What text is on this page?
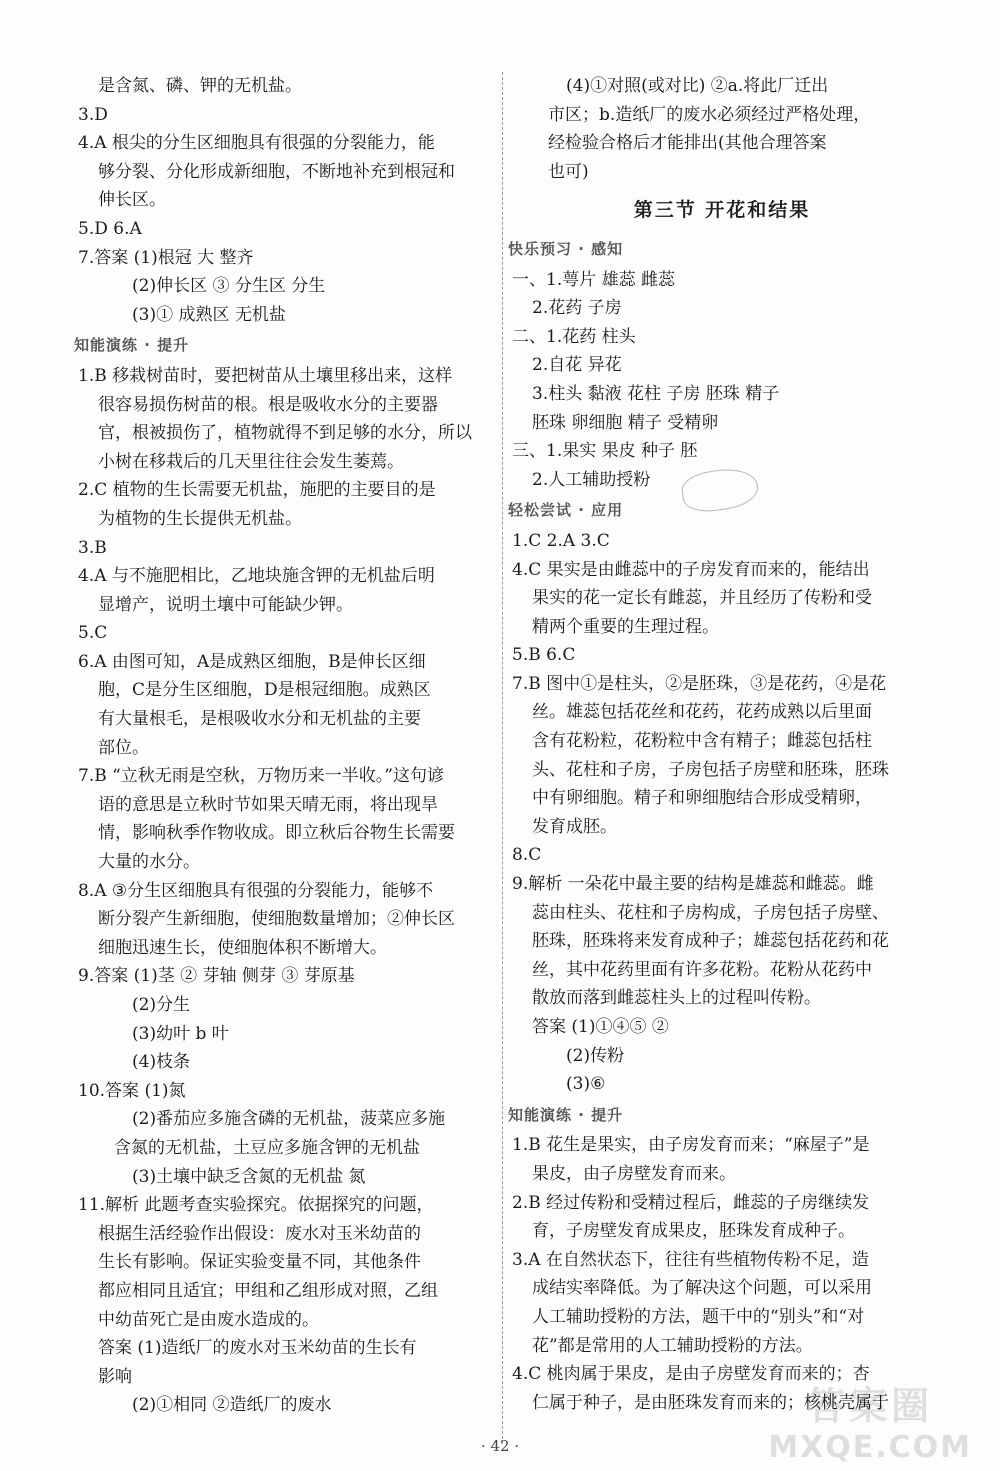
是含氮、磷、钾的无机盐。

3.D

4.A 根尖的分生区细胞具有很强的分裂能力，能

够分裂、分化形成新细胞，不断地补充到根冠和

伸长区。

5.D 6.A

7.答案 (1)根冠 大 整齐

(2)伸长区 ③ 分生区 分生

(3)① 成熟区 无机盐

知能演练 · 提升

1.B 移栽树苗时，要把树苗从土壤里移出来，这样

很容易损伤树苗的根。根是吸收水分的主要器

官，根被损伤了，植物就得不到足够的水分，所以

小树在移栽后的几天里往往会发生萎蔫。

2.C 植物的生长需要无机盐，施肥的主要目的是

为植物的生长提供无机盐。

3.B

4.A 与不施肥相比，乙地块施含钾的无机盐后明

显增产，说明土壤中可能缺少钾。

5.C

6.A 由图可知，A是成熟区细胞，B是伸长区细

胞，C是分生区细胞，D是根冠细胞。成熟区

有大量根毛，是根吸收水分和无机盐的主要

部位。

7.B “立秋无雨是空秋，万物历来一半收。”这句谚

语的意思是立秋时节如果天晴无雨，将出现旱

情，影响秋季作物收成。即立秋后谷物生长需要

大量的水分。

8.A ③分生区细胞具有很强的分裂能力，能够不

断分裂产生新细胞，使细胞数量增加；②伸长区

细胞迅速生长，使细胞体积不断增大。

9.答案 (1)茎 ② 芽轴 侧芽 ③ 芽原基

(2)分生

(3)幼叶 b 叶

(4)枝条

10.答案 (1)氮

(2)番茄应多施含磷的无机盐，菠菜应多施

含氮的无机盐，土豆应多施含钾的无机盐

(3)土壤中缺乏含氮的无机盐 氮

11.解析 此题考查实验探究。依据探究的问题，

根据生活经验作出假设：废水对玉米幼苗的

生长有影响。保证实验变量不同，其他条件

都应相同且适宜；甲组和乙组形成对照，乙组

中幼苗死亡是由废水造成的。

答案 (1)造纸厂的废水对玉米幼苗的生长有

影响

(2)①相同 ②造纸厂的废水

(4)①对照(或对比) ②a.将此厂迁出

市区；b.造纸厂的废水必须经过严格处理，

经检验合格后才能排出(其他合理答案

也可)

第三节 开花和结果

快乐预习 · 感知

一、1.萼片 雄蕊 雌蕊

2.花药 子房

二、1.花药 柱头

2.自花 异花

3.柱头 黏液 花柱 子房 胚珠 精子

胚珠 卵细胞 精子 受精卵

三、1.果实 果皮 种子 胚

2.人工辅助授粉

轻松尝试 · 应用

1.C 2.A 3.C

4.C 果实是由雌蕊中的子房发育而来的，能结出

果实的花一定长有雌蕊，并且经历了传粉和受

精两个重要的生理过程。

5.B 6.C

7.B 图中①是柱头，②是胚珠，③是花药，④是花

丝。雄蕊包括花丝和花药，花药成熟以后里面

含有花粉粒，花粉粒中含有精子；雌蕊包括柱

头、花柱和子房，子房包括子房壁和胚珠，胚珠

中有卵细胞。精子和卵细胞结合形成受精卵，

发育成胚。

8.C

9.解析 一朵花中最主要的结构是雄蕊和雌蕊。雌

蕊由柱头、花柱和子房构成，子房包括子房壁、

胚珠，胚珠将来发育成种子；雄蕊包括花药和花

丝，其中花药里面有许多花粉。花粉从花药中

散放而落到雌蕊柱头上的过程叫传粉。

答案 (1)①④⑤ ②

(2)传粉

(3)⑥

知能演练 · 提升

1.B 花生是果实，由子房发育而来；“麻屋子”是

果皮，由子房壁发育而来。

2.B 经过传粉和受精过程后，雌蕊的子房继续发

育，子房壁发育成果皮，胚珠发育成种子。

3.A 在自然状态下，往往有些植物传粉不足，造

成结实率降低。为了解决这个问题，可以采用

人工辅助授粉的方法，题干中的“别头”和“对

花”都是常用的人工辅助授粉的方法。

4.C 桃肉属于果皮，是由子房壁发育而来的；杏

仁属于种子，是由胚珠发育而来的；核桃壳属于

· 42 ·
答案圈
MXQE.COM
